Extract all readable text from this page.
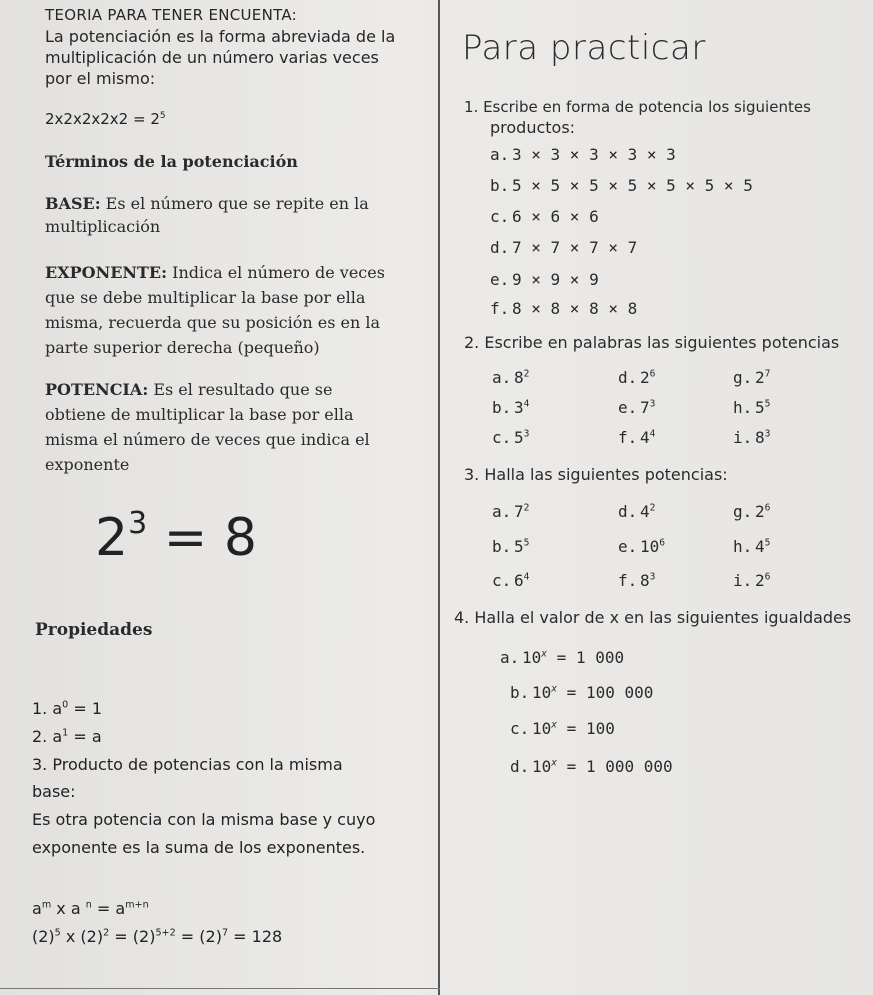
TEORIA PARA TENER ENCUENTA:
La potenciación es la forma abreviada de la
multiplicación de un número varias veces
por el mismo:
$2x2x2x2x2 = 2^5$
Términos de la potenciación
BASE: Es el número que se repite en la
multiplicación
EXPONENTE: Indica el número de veces
que se debe multiplicar la base por ella
misma, recuerda que su posición es en la
parte superior derecha (pequeño)
POTENCIA: Es el resultado que se
obtiene de multiplicar la base por ella
misma el número de veces que indica el
exponente
$2^3 = 8$
Propiedades
1. $a^0 = 1$
2. $a^1 = a$
3. Producto de potencias con la misma
base:
Es otra potencia con la misma base y cuyo
exponente es la suma de los exponentes.
$a^m$ x a $^n = a^{m+n}$
$(2)^5$ x $(2)^2 = (2)^{5+2} = (2)^7 = 128$
Para practicar
1. Escribe en forma de potencia los siguientes
productos:
a. 3 × 3 × 3 × 3 × 3
b. 5 × 5 × 5 × 5 × 5 × 5 × 5
c. 6 × 6 × 6
d. 7 × 7 × 7 × 7
e. 9 × 9 × 9
f. 8 × 8 × 8 × 8
2. Escribe en palabras las siguientes potencias
a. $8^2$	d. $2^6$	g. $2^7$
b. $3^4$	e. $7^3$	h. $5^5$
c. $5^3$	f. $4^4$	i. $8^3$
3. Halla las siguientes potencias:
a. $7^2$	d. $4^2$	g. $2^6$
b. $5^5$	e. $10^6$	h. $4^5$
c. $6^4$	f. $8^3$	i. $2^6$
4. Halla el valor de x en las siguientes igualdades
a. $10^x = 1$ 000
b. $10^x = 100$ 000
c. $10^x = 100$
d. $10^x = 1$ 000 000
